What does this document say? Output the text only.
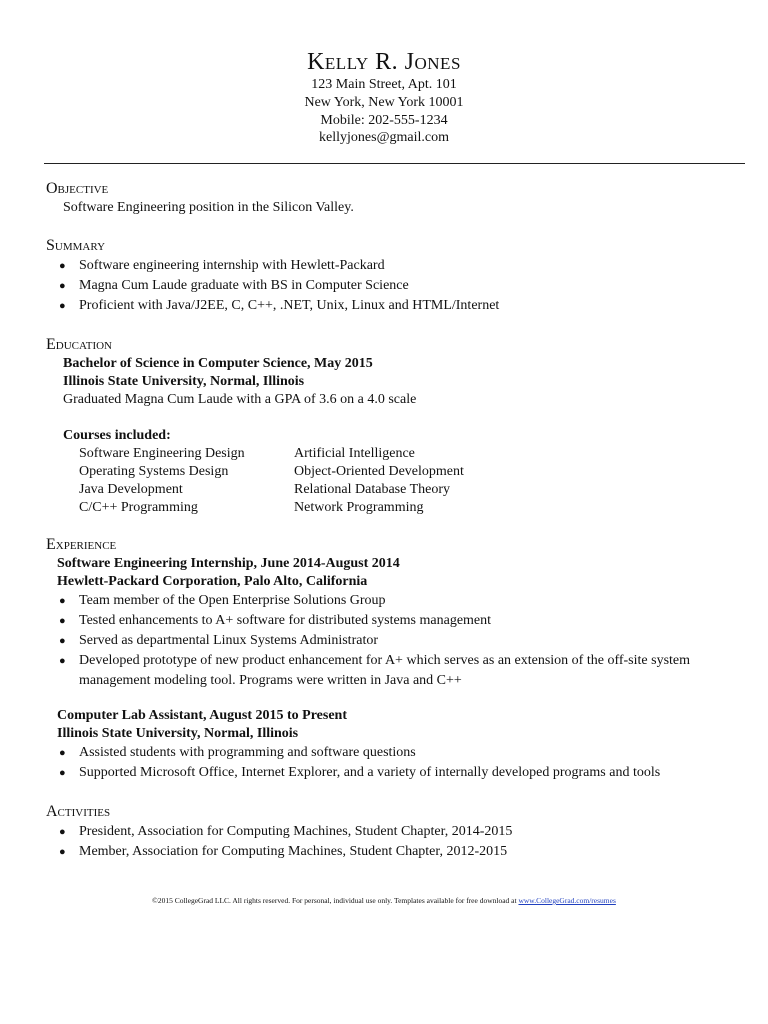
Kelly R. Jones
123 Main Street, Apt. 101
New York, New York 10001
Mobile: 202-555-1234
kellyjones@gmail.com
Objective
Software Engineering position in the Silicon Valley.
Summary
● Software engineering internship with Hewlett-Packard
● Magna Cum Laude graduate with BS in Computer Science
● Proficient with Java/J2EE, C, C++, .NET, Unix, Linux and HTML/Internet
Education
Bachelor of Science in Computer Science, May 2015
Illinois State University, Normal, Illinois
Graduated Magna Cum Laude with a GPA of 3.6 on a 4.0 scale
Courses included:
Software Engineering Design	Artificial Intelligence
Operating Systems Design	Object-Oriented Development
Java Development	Relational Database Theory
C/C++ Programming	Network Programming
Experience
Software Engineering Internship, June 2014-August 2014
Hewlett-Packard Corporation, Palo Alto, California
● Team member of the Open Enterprise Solutions Group
● Tested enhancements to A+ software for distributed systems management
● Served as departmental Linux Systems Administrator
● Developed prototype of new product enhancement for A+ which serves as an extension of the off-site system
management modeling tool. Programs were written in Java and C++
Computer Lab Assistant, August 2015 to Present
Illinois State University, Normal, Illinois
● Assisted students with programming and software questions
● Supported Microsoft Office, Internet Explorer, and a variety of internally developed programs and tools
Activities
● President, Association for Computing Machines, Student Chapter, 2014-2015
● Member, Association for Computing Machines, Student Chapter, 2012-2015
©2015 CollegeGrad LLC. All rights reserved. For personal, individual use only. Templates available for free download at www.CollegeGrad.com/resumes
